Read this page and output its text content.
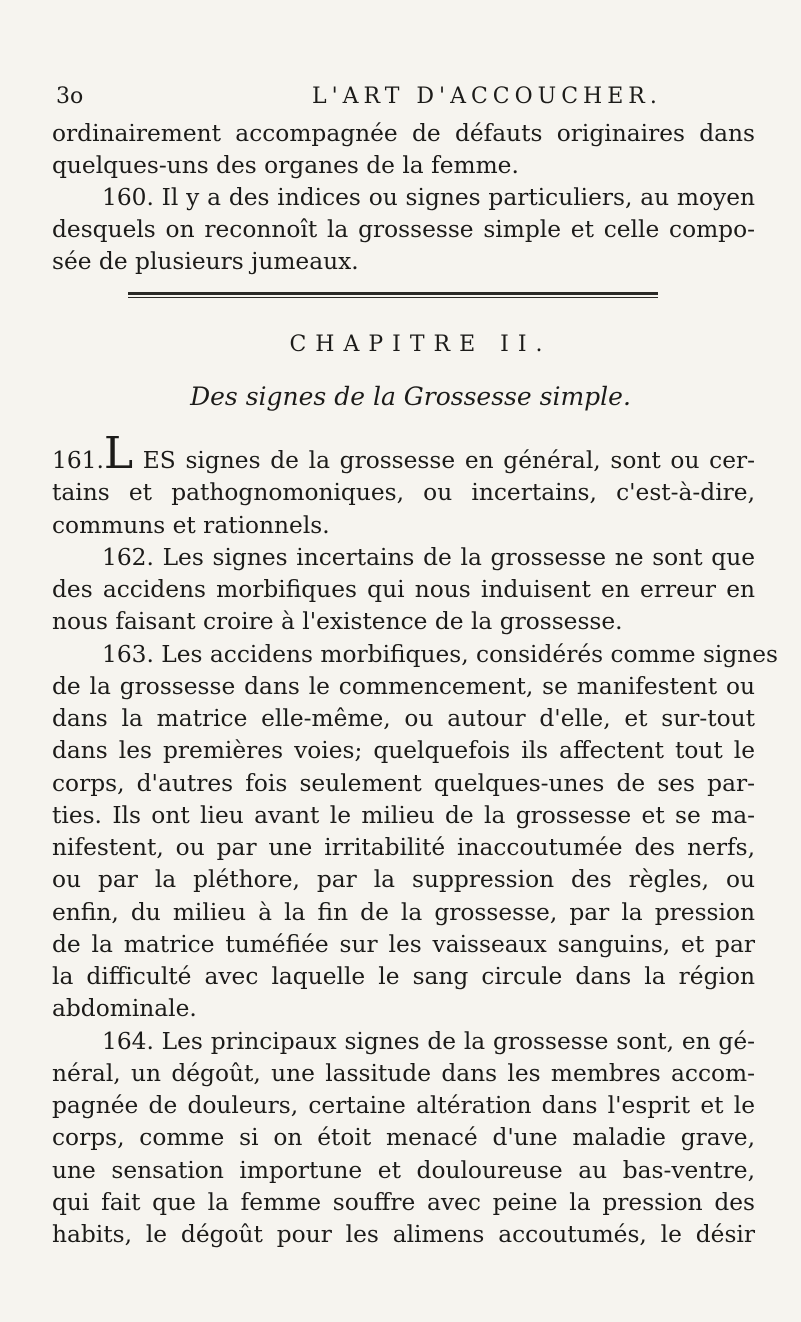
3o	L'ART D'ACCOUCHER.
ordinairement accompagnée de défauts originaires dans
quelques-uns des organes de la femme.
160. Il y a des indices ou signes particuliers, au moyen
desquels on reconnoît la grossesse simple et celle compo-
sée de plusieurs jumeaux.
CHAPITRE II.
Des signes de la Grossesse simple.
161.L ES signes de la grossesse en général, sont ou cer-
tains et pathognomoniques, ou incertains, c'est-à-dire,
communs et rationnels.
162. Les signes incertains de la grossesse ne sont que
des accidens morbifiques qui nous induisent en erreur en
nous faisant croire à l'existence de la grossesse.
163. Les accidens morbifiques, considérés comme signes
de la grossesse dans le commencement, se manifestent ou
dans la matrice elle-même, ou autour d'elle, et sur-tout
dans les premières voies; quelquefois ils affectent tout le
corps, d'autres fois seulement quelques-unes de ses par-
ties. Ils ont lieu avant le milieu de la grossesse et se ma-
nifestent, ou par une irritabilité inaccoutumée des nerfs,
ou par la pléthore, par la suppression des règles, ou
enfin, du milieu à la fin de la grossesse, par la pression
de la matrice tuméfiée sur les vaisseaux sanguins, et par
la difficulté avec laquelle le sang circule dans la région
abdominale.
164. Les principaux signes de la grossesse sont, en gé-
néral, un dégoût, une lassitude dans les membres accom-
pagnée de douleurs, certaine altération dans l'esprit et le
corps, comme si on étoit menacé d'une maladie grave,
une sensation importune et douloureuse au bas-ventre,
qui fait que la femme souffre avec peine la pression des
habits, le dégoût pour les alimens accoutumés, le désir
